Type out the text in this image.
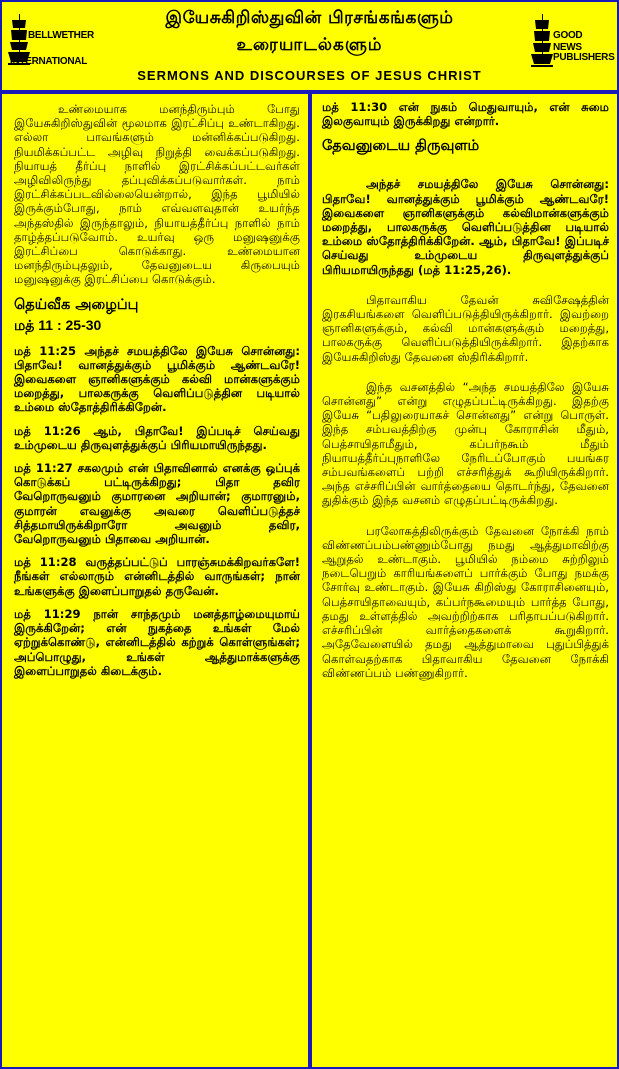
BELLWETHER
INTERNATIONAL
இயேசுகிறிஸ்துவின் பிரசங்கங்களும்
உரையாடல்களும்
SERMONS AND DISCOURSES OF JESUS CHRIST
GOOD NEWS
PUBLISHERS
உண்மையாக மனந்திரும்பும் போது இயேசுகிறிஸ்துவின் மூலமாக இரட்சிப்பு உண்டாகிறது. எல்லா பாவங்களும் மன்னிக்கப்படுகிறது. நியமிக்கப்பட்ட அழிவு நிறுத்தி வைக்கப்படுகிறது. நியாயத் தீர்ப்பு நாளில் இரட்சிக்கப்பட்டவர்கள் அழிவிலிருந்து தப்புவிக்கப்படுவார்கள். நாம் இரட்சிக்கப்படவில்லையென்றால், இந்த பூமியில் இருக்கும்போது, நாம் எவ்வளவுதான் உயர்ந்த அந்தஸ்தில் இருந்தாலும், நியாயத்தீர்ப்பு நாளில் நாம் தாழ்த்தப்படுவோம். உயர்வு ஒரு மனுஷனுக்கு இரட்சிப்பை கொடுக்காது. உண்மையான மனந்திரும்புதலும், தேவனுடைய கிருபையும் மனுஷனுக்கு இரட்சிப்பை கொடுக்கும்.
தெய்வீக அழைப்பு
மத் 11 : 25-30
மத் 11:25 அந்தச் சமயத்திலே இயேசு சொன்னது: பிதாவே! வானத்துக்கும் பூமிக்கும் ஆண்டவரே! இவைகளை ஞானிகளுக்கும் கல்வி மான்களுக்கும் மறைத்து, பாலகருக்கு வெளிப்படுத்தின படியால் உம்மை ஸ்தோத்திரிக்கிறேன்.
மத் 11:26 ஆம், பிதாவே! இப்படிச் செய்வது உம்முடைய திருவுளத்துக்குப் பிரியமாயிருந்தது.
மத் 11:27 சகலமும் என் பிதாவினால் எனக்கு ஒப்புக் கொடுக்கப் பட்டிருக்கிறது; பிதா தவிர வேறொருவனும் குமாரனை அறியான்; குமாரனும், குமாரன் எவனுக்கு அவரை வெளிப்படுத்தச் சித்தமாயிருக்கிறாரோ அவனும் தவிர, வேறொருவனும் பிதாவை அறியான்.
மத் 11:28 வருத்தப்பட்டுப் பாரஞ்சுமக்கிறவர்களே! நீங்கள் எல்லாரும் என்னிடத்தில் வாருங்கள்; நான் உங்களுக்கு இளைப்பாறுதல் தருவேன்.
மத் 11:29 நான் சாந்தமும் மனத்தாழ்மையுமாய் இருக்கிறேன்; என் நுகத்தை உங்கள் மேல் ஏற்றுக்கொண்டு, என்னிடத்தில் கற்றுக் கொள்ளுங்கள்; அப்பொழுது, உங்கள் ஆத்துமாக்களுக்கு இளைப்பாறுதல் கிடைக்கும்.
மத் 11:30 என் நுகம் மெதுவாயும், என் சுமை இலகுவாயும் இருக்கிறது என்றார்.
தேவனுடைய திருவுளம்
அந்தச் சமயத்திலே இயேசு சொன்னது: பிதாவே! வானத்துக்கும் பூமிக்கும் ஆண்டவரே! இவைகளை ஞானிகளுக்கும் கல்விமான்களுக்கும் மறைத்து, பாலகருக்கு வெளிப்படுத்தின படியால் உம்மை ஸ்தோத்திரிக்கிறேன். ஆம், பிதாவே! இப்படிச் செய்வது உம்முடைய திருவுளத்துக்குப் பிரியமாயிருந்தது (மத் 11:25,26).
பிதாவாகிய தேவன் சுவிசேஷத்தின் இரகசியங்களை வெளிப்படுத்தியிருக்கிறார். இவற்றை ஞானிகளுக்கும், கல்வி மான்களுக்கும் மறைத்து, பாலகருக்கு வெளிப்படுத்தியிருக்கிறார். இதற்காக இயேசுகிறிஸ்து தேவனை ஸ்திரிக்கிறார்.
இந்த வசனத்தில் “அந்த சமயத்திலே இயேசு சொன்னது” என்று எழுதப்பட்டிருக்கிறது. இதற்கு இயேசு “பதிலுரையாகச் சொன்னது” என்று பொருள். இந்த சம்பவத்திற்கு முன்பு கோராசின் மீதும், பெத்சாயிதாமீதும், கப்பர்நகூம் மீதும் நியாயத்தீர்ப்புநாளிலே நேரிடப்போகும் பயங்கர சம்பவங்களைப் பற்றி எச்சரித்துக் கூறியிருக்கிறார். அந்த எச்சரிப்பின் வார்த்தையை தொடர்ந்து, தேவனை துதிக்கும் இந்த வசனம் எழுதப்பட்டிருக்கிறது.
பரலோகத்திலிருக்கும் தேவனை நோக்கி நாம் விண்ணப்பம்பண்ணும்போது நமது ஆத்துமாவிற்கு ஆறுதல் உண்டாகும். பூமியில் நம்மை சுற்றிலும் நடைபெறும் காரியங்களைப் பார்க்கும் போது நமக்கு சோர்வு உண்டாகும். இயேசு கிறிஸ்து கோராசினையும், பெத்சாயிதாவையும், கப்பர்நகூமையும் பார்த்த போது, தமது உள்ளத்தில் அவற்றிற்காக பரிதாபப்படுகிறார். எச்சரிப்பின் வார்த்தைகளைக் கூறுகிறார். அதேவேளையில் தமது ஆத்துமாவை புதுப்பித்துக் கொள்வதற்காக பிதாவாகிய தேவனை நோக்கி விண்ணப்பம் பண்ணுகிறார்.
